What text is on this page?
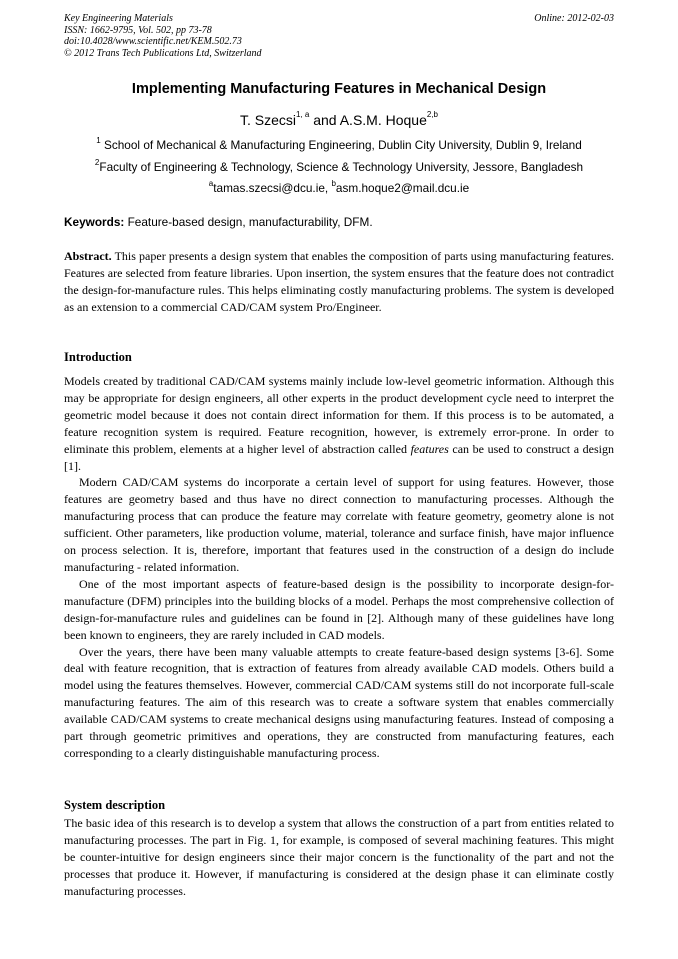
Key Engineering Materials
ISSN: 1662-9795, Vol. 502, pp 73-78
doi:10.4028/www.scientific.net/KEM.502.73
© 2012 Trans Tech Publications Ltd, Switzerland
Online: 2012-02-03
Implementing Manufacturing Features in Mechanical Design
T. Szecsi$^{1, a}$ and A.S.M. Hoque$^{2,b}$
$^1$ School of Mechanical & Manufacturing Engineering, Dublin City University, Dublin 9, Ireland
$^2$Faculty of Engineering & Technology, Science & Technology University, Jessore, Bangladesh
$^a$tamas.szecsi@dcu.ie, $^b$asm.hoque2@mail.dcu.ie
Keywords: Feature-based design, manufacturability, DFM.

Abstract. This paper presents a design system that enables the composition of parts using manufacturing features. Features are selected from feature libraries. Upon insertion, the system ensures that the feature does not contradict the design-for-manufacture rules. This helps eliminating costly manufacturing problems. The system is developed as an extension to a commercial CAD/CAM system Pro/Engineer.

Introduction

Models created by traditional CAD/CAM systems mainly include low-level geometric information. Although this may be appropriate for design engineers, all other experts in the product development cycle need to interpret the geometric model because it does not contain direct information for them. If this process is to be automated, a feature recognition system is required. Feature recognition, however, is extremely error-prone. In order to eliminate this problem, elements at a higher level of abstraction called features can be used to construct a design [1].

Modern CAD/CAM systems do incorporate a certain level of support for using features. However, those features are geometry based and thus have no direct connection to manufacturing processes. Although the manufacturing process that can produce the feature may correlate with feature geometry, geometry alone is not sufficient. Other parameters, like production volume, material, tolerance and surface finish, have major influence on process selection. It is, therefore, important that features used in the construction of a design do include manufacturing - related information.

One of the most important aspects of feature-based design is the possibility to incorporate design-for-manufacture (DFM) principles into the building blocks of a model. Perhaps the most comprehensive collection of design-for-manufacture rules and guidelines can be found in [2]. Although many of these guidelines have long been known to engineers, they are rarely included in CAD models.

Over the years, there have been many valuable attempts to create feature-based design systems [3-6]. Some deal with feature recognition, that is extraction of features from already available CAD models. Others build a model using the features themselves. However, commercial CAD/CAM systems still do not incorporate full-scale manufacturing features. The aim of this research was to create a software system that enables commercially available CAD/CAM systems to create mechanical designs using manufacturing features. Instead of composing a part through geometric primitives and operations, they are constructed from manufacturing features, each corresponding to a clearly distinguishable manufacturing process.

System description

The basic idea of this research is to develop a system that allows the construction of a part from entities related to manufacturing processes. The part in Fig. 1, for example, is composed of several machining features. This might be counter-intuitive for design engineers since their major concern is the functionality of the part and not the processes that produce it. However, if manufacturing is considered at the design phase it can eliminate costly manufacturing processes.
